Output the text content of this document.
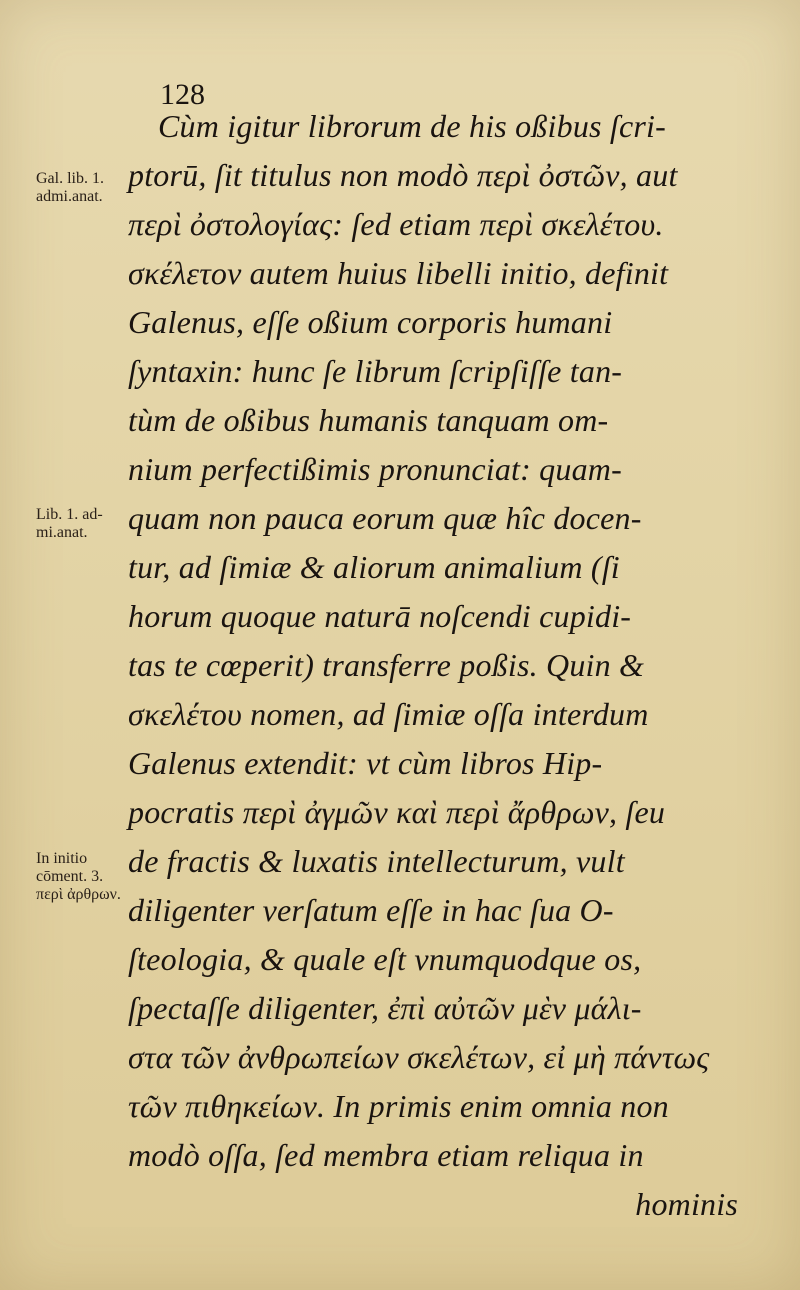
128
Gal. lib. 1.
admi.anat.
Lib. 1. ad-
mi.anat.
In initio
cōment. 3.
περὶ ἀρθρων.
Cùm igitur librorum de his oßibus ſcri-
ptorū, ſit titulus non modò περὶ ὀστῶν, aut
περὶ ὀστολογίας: ſed etiam περὶ σκελέτου.
σκέλετον autem huius libelli initio, definit
Galenus, eſſe oßium corporis humani
ſyntaxin: hunc ſe librum ſcripſiſſe tan-
tùm de oßibus humanis tanquam om-
nium perfectißimis pronunciat: quam-
quam non pauca eorum quæ hîc docen-
tur, ad ſimiæ & aliorum animalium (ſi
horum quoque naturā noſcendi cupidi-
tas te cœperit) transferre poßis. Quin &
σκελέτου nomen, ad ſimiæ oſſa interdum
Galenus extendit: vt cùm libros Hip-
pocratis περὶ ἀγμῶν καὶ περὶ ἄρθρων, ſeu
de fractis & luxatis intellecturum, vult
diligenter verſatum eſſe in hac ſua O-
ſteologia, & quale eſt vnumquodque os,
ſpectaſſe diligenter, ἐπὶ αὐτῶν μὲν μάλι-
στα τῶν ἀνθρωπείων σκελέτων, εἰ μὴ πάντως
τῶν πιθηκείων. In primis enim omnia non
modò oſſa, ſed membra etiam reliqua in
hominis
